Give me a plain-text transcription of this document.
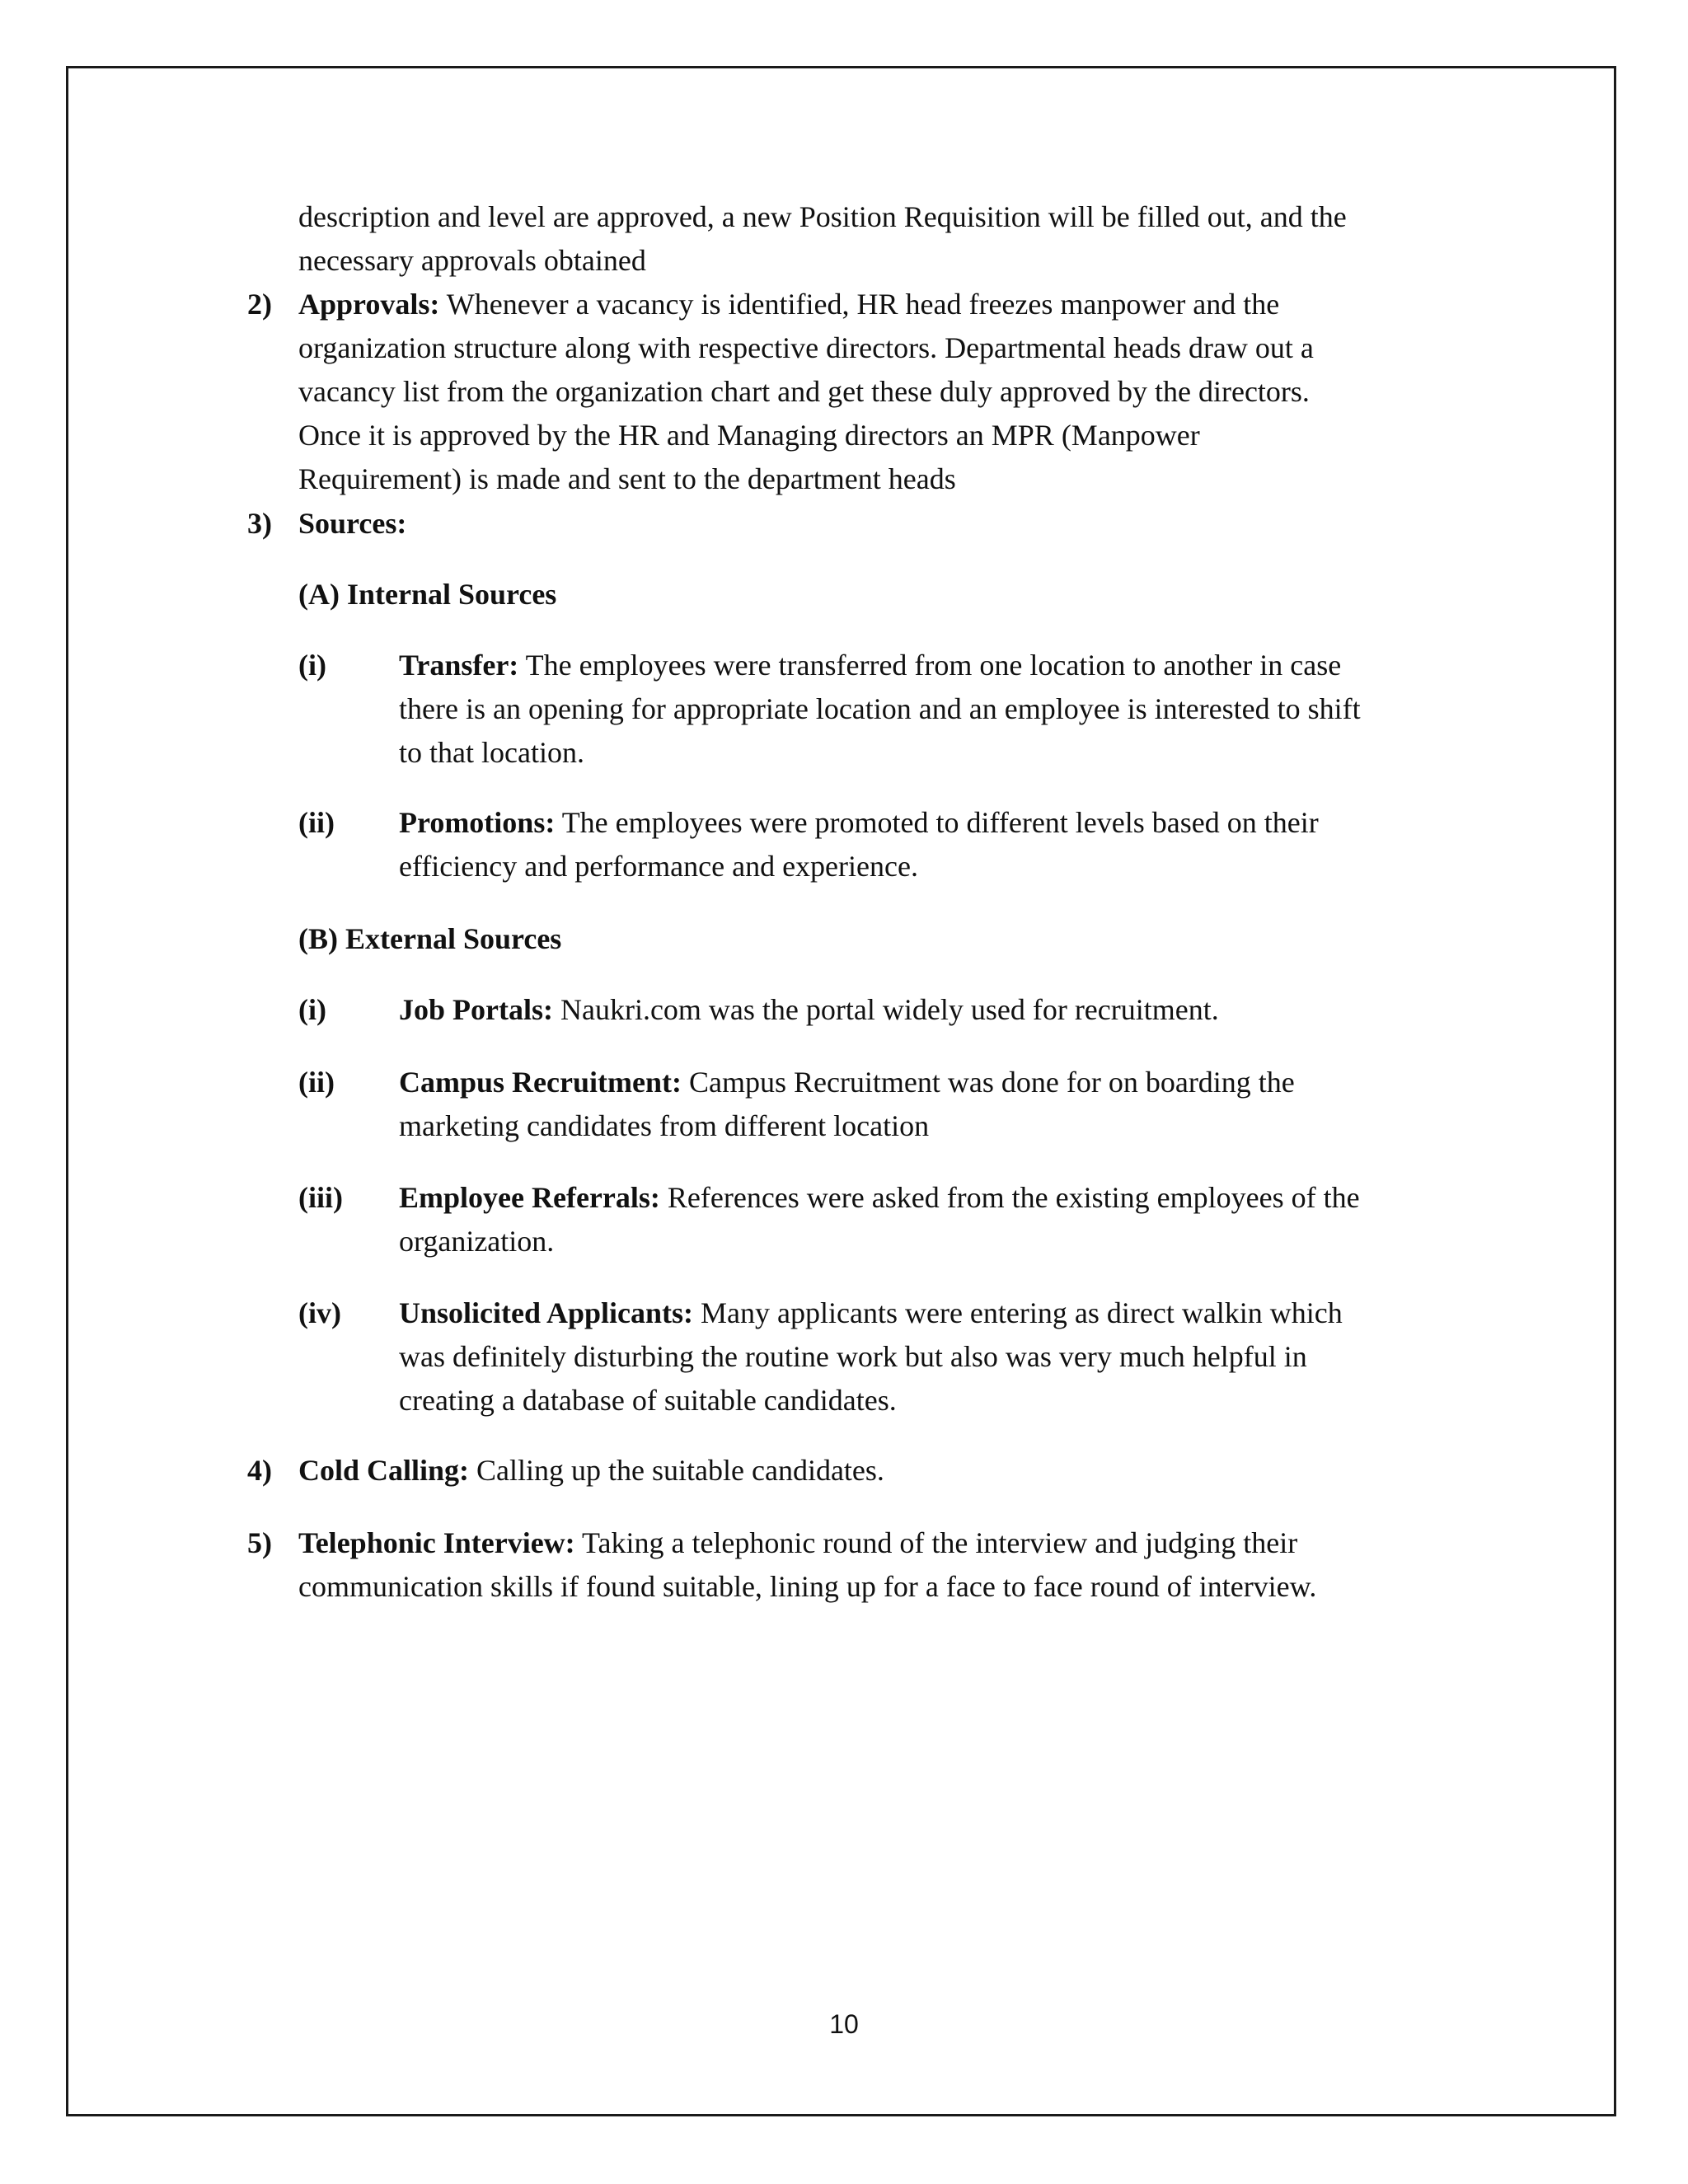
description and level are approved, a new Position Requisition will be filled out, and the
necessary approvals obtained
2) Approvals: Whenever a vacancy is identified, HR head freezes manpower and the
organization structure along with respective directors. Departmental heads draw out a
vacancy list from the organization chart and get these duly approved by the directors.
Once it is approved by the HR and Managing directors an MPR (Manpower
Requirement) is made and sent to the department heads
3) Sources:
(A) Internal Sources
(i) Transfer: The employees were transferred from one location to another in case
there is an opening for appropriate location and an employee is interested to shift
to that location.
(ii) Promotions: The employees were promoted to different levels based on their
efficiency and performance and experience.
(B) External Sources
(i) Job Portals: Naukri.com was the portal widely used for recruitment.
(ii) Campus Recruitment: Campus Recruitment was done for on boarding the
marketing candidates from different location
(iii) Employee Referrals: References were asked from the existing employees of the
organization.
(iv) Unsolicited Applicants: Many applicants were entering as direct walkin which
was definitely disturbing the routine work but also was very much helpful in
creating a database of suitable candidates.
4) Cold Calling: Calling up the suitable candidates.
5) Telephonic Interview: Taking a telephonic round of the interview and judging their
communication skills if found suitable, lining up for a face to face round of interview.
10
